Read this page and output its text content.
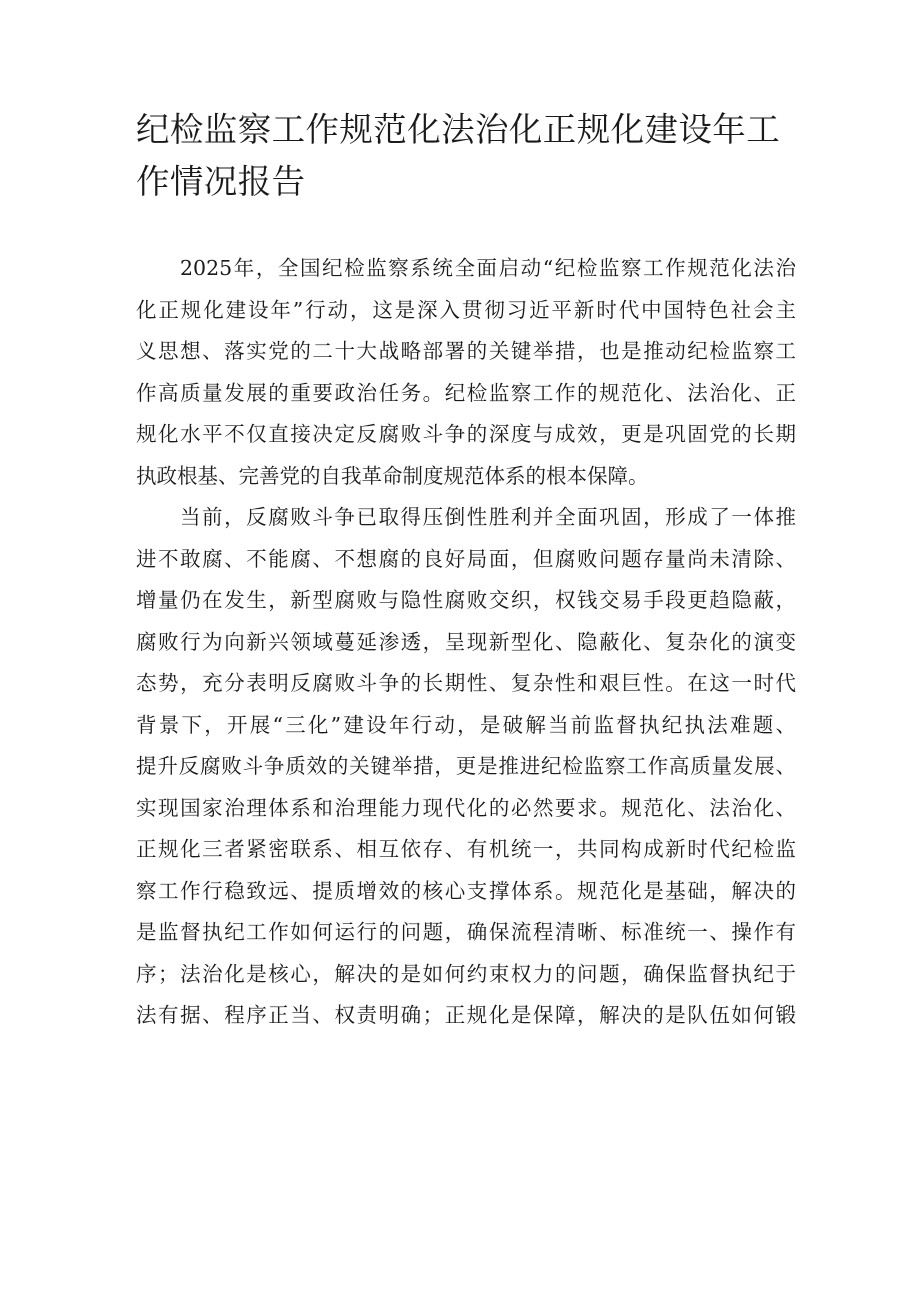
纪检监察工作规范化法治化正规化建设年工
作情况报告
2025年，全国纪检监察系统全面启动“纪检监察工作规范化法治
化正规化建设年”行动，这是深入贯彻习近平新时代中国特色社会主
义思想、落实党的二十大战略部署的关键举措，也是推动纪检监察工
作高质量发展的重要政治任务。纪检监察工作的规范化、法治化、正
规化水平不仅直接决定反腐败斗争的深度与成效，更是巩固党的长期
执政根基、完善党的自我革命制度规范体系的根本保障。
当前，反腐败斗争已取得压倒性胜利并全面巩固，形成了一体推
进不敢腐、不能腐、不想腐的良好局面，但腐败问题存量尚未清除、
增量仍在发生，新型腐败与隐性腐败交织，权钱交易手段更趋隐蔽，
腐败行为向新兴领域蔓延渗透，呈现新型化、隐蔽化、复杂化的演变
态势，充分表明反腐败斗争的长期性、复杂性和艰巨性。在这一时代
背景下，开展“三化”建设年行动，是破解当前监督执纪执法难题、
提升反腐败斗争质效的关键举措，更是推进纪检监察工作高质量发展、
实现国家治理体系和治理能力现代化的必然要求。规范化、法治化、
正规化三者紧密联系、相互依存、有机统一，共同构成新时代纪检监
察工作行稳致远、提质增效的核心支撑体系。规范化是基础，解决的
是监督执纪工作如何运行的问题，确保流程清晰、标准统一、操作有
序；法治化是核心，解决的是如何约束权力的问题，确保监督执纪于
法有据、程序正当、权责明确；正规化是保障，解决的是队伍如何锻
